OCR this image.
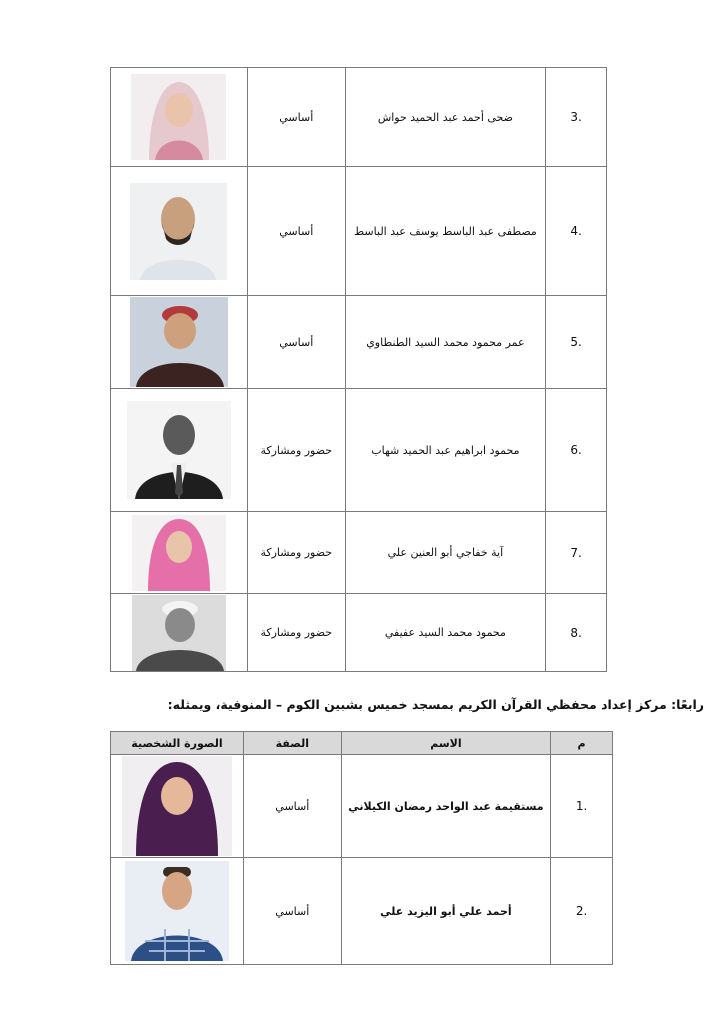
	أساسي	ضحى أحمد عبد الحميد حواش	.3

	أساسي	مصطفى عبد الباسط يوسف عبد الباسط	.4

	أساسي	عمر محمود محمد السيد الطنطاوي	.5

	حضور ومشاركة	محمود ابراهيم عبد الحميد شهاب	.6

	حضور ومشاركة	آية خفاجي أبو العنين علي	.7

	حضور ومشاركة	محمود محمد السيد عفيفي	.8
رابعًا: مركز إعداد محفظي القرآن الكريم بمسجد خميس بشبين الكوم – المنوفية، ويمثله:
الصورة الشخصية	الصفة	الاسم	م

	أساسي	مستقيمة عبد الواحد رمضان الكيلاني	.1

	أساسي	أحمد علي أبو اليزيد علي	.2
